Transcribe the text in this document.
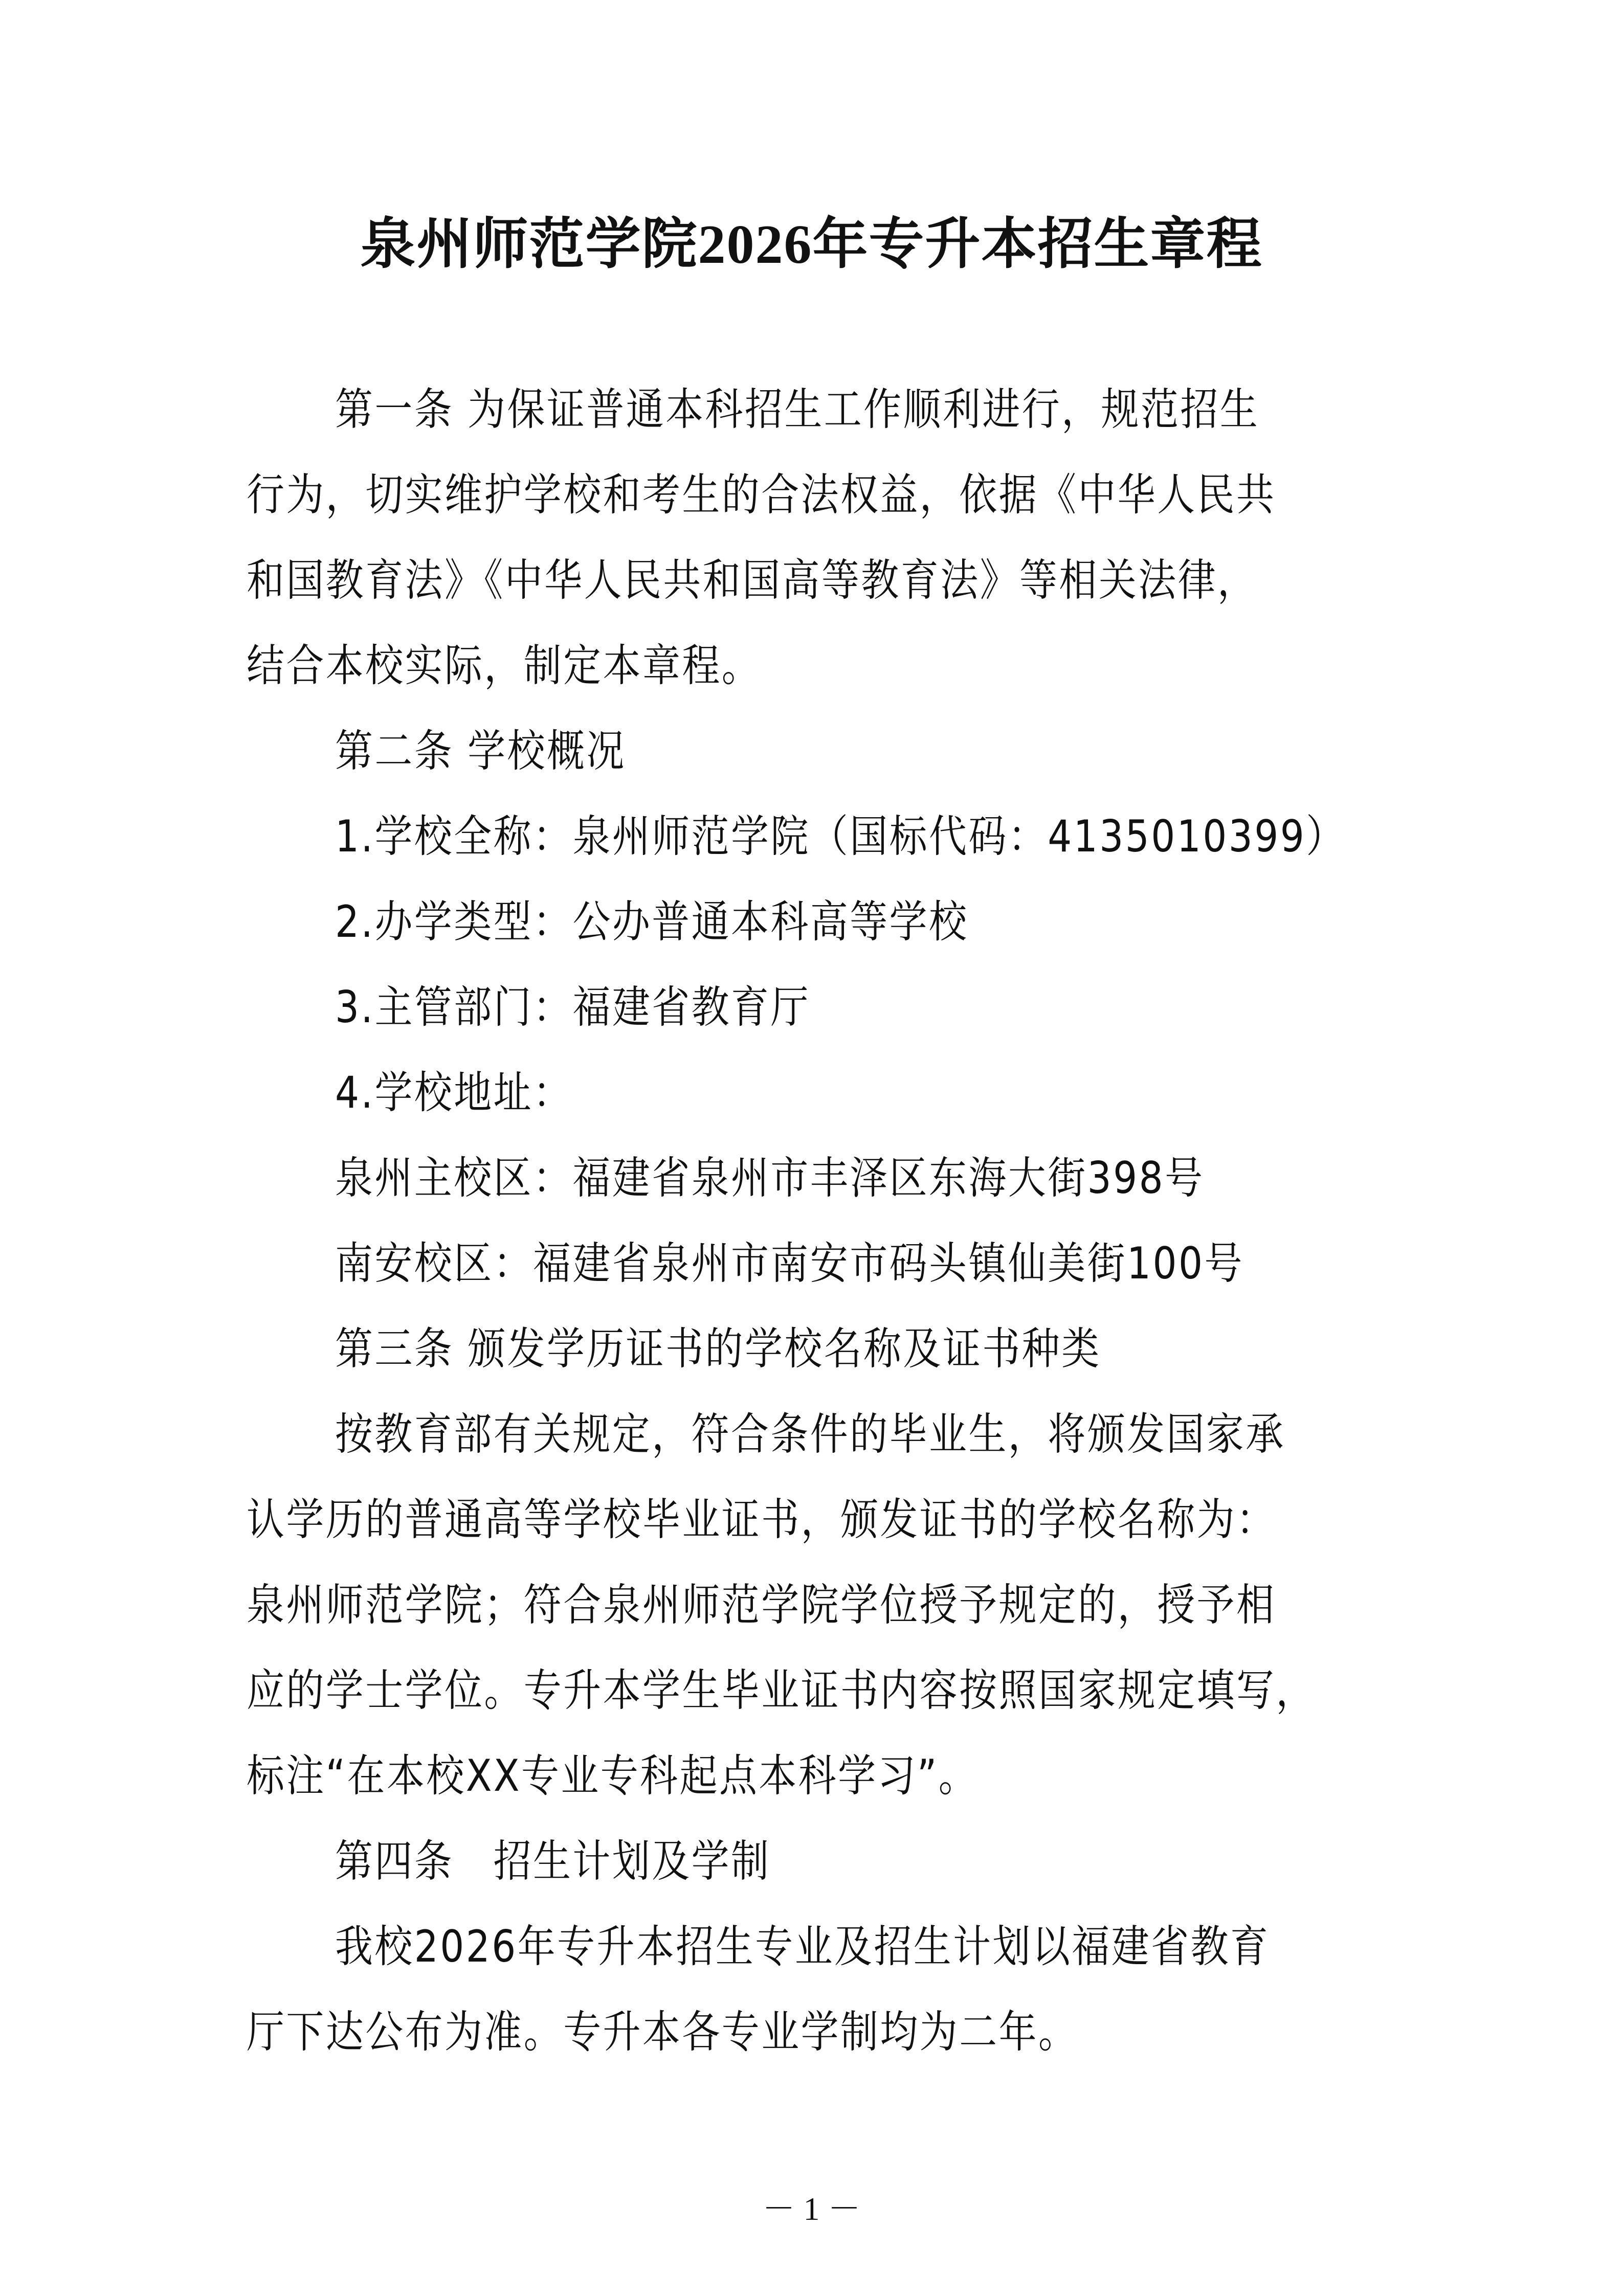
泉州师范学院2026年专升本招生章程
第一条 为保证普通本科招生工作顺利进行，规范招生
行为，切实维护学校和考生的合法权益，依据《中华人民共
和国教育法》《中华人民共和国高等教育法》等相关法律，
结合本校实际，制定本章程。
第二条 学校概况
1.学校全称：泉州师范学院（国标代码：4135010399）
2.办学类型：公办普通本科高等学校
3.主管部门：福建省教育厅
4.学校地址：
泉州主校区：福建省泉州市丰泽区东海大街398号
南安校区：福建省泉州市南安市码头镇仙美街100号
第三条 颁发学历证书的学校名称及证书种类
按教育部有关规定，符合条件的毕业生，将颁发国家承
认学历的普通高等学校毕业证书，颁发证书的学校名称为：
泉州师范学院；符合泉州师范学院学位授予规定的，授予相
应的学士学位。专升本学生毕业证书内容按照国家规定填写，
标注“在本校XX专业专科起点本科学习”。
第四条　招生计划及学制
我校2026年专升本招生专业及招生计划以福建省教育
厅下达公布为准。专升本各专业学制均为二年。
－ 1 －
